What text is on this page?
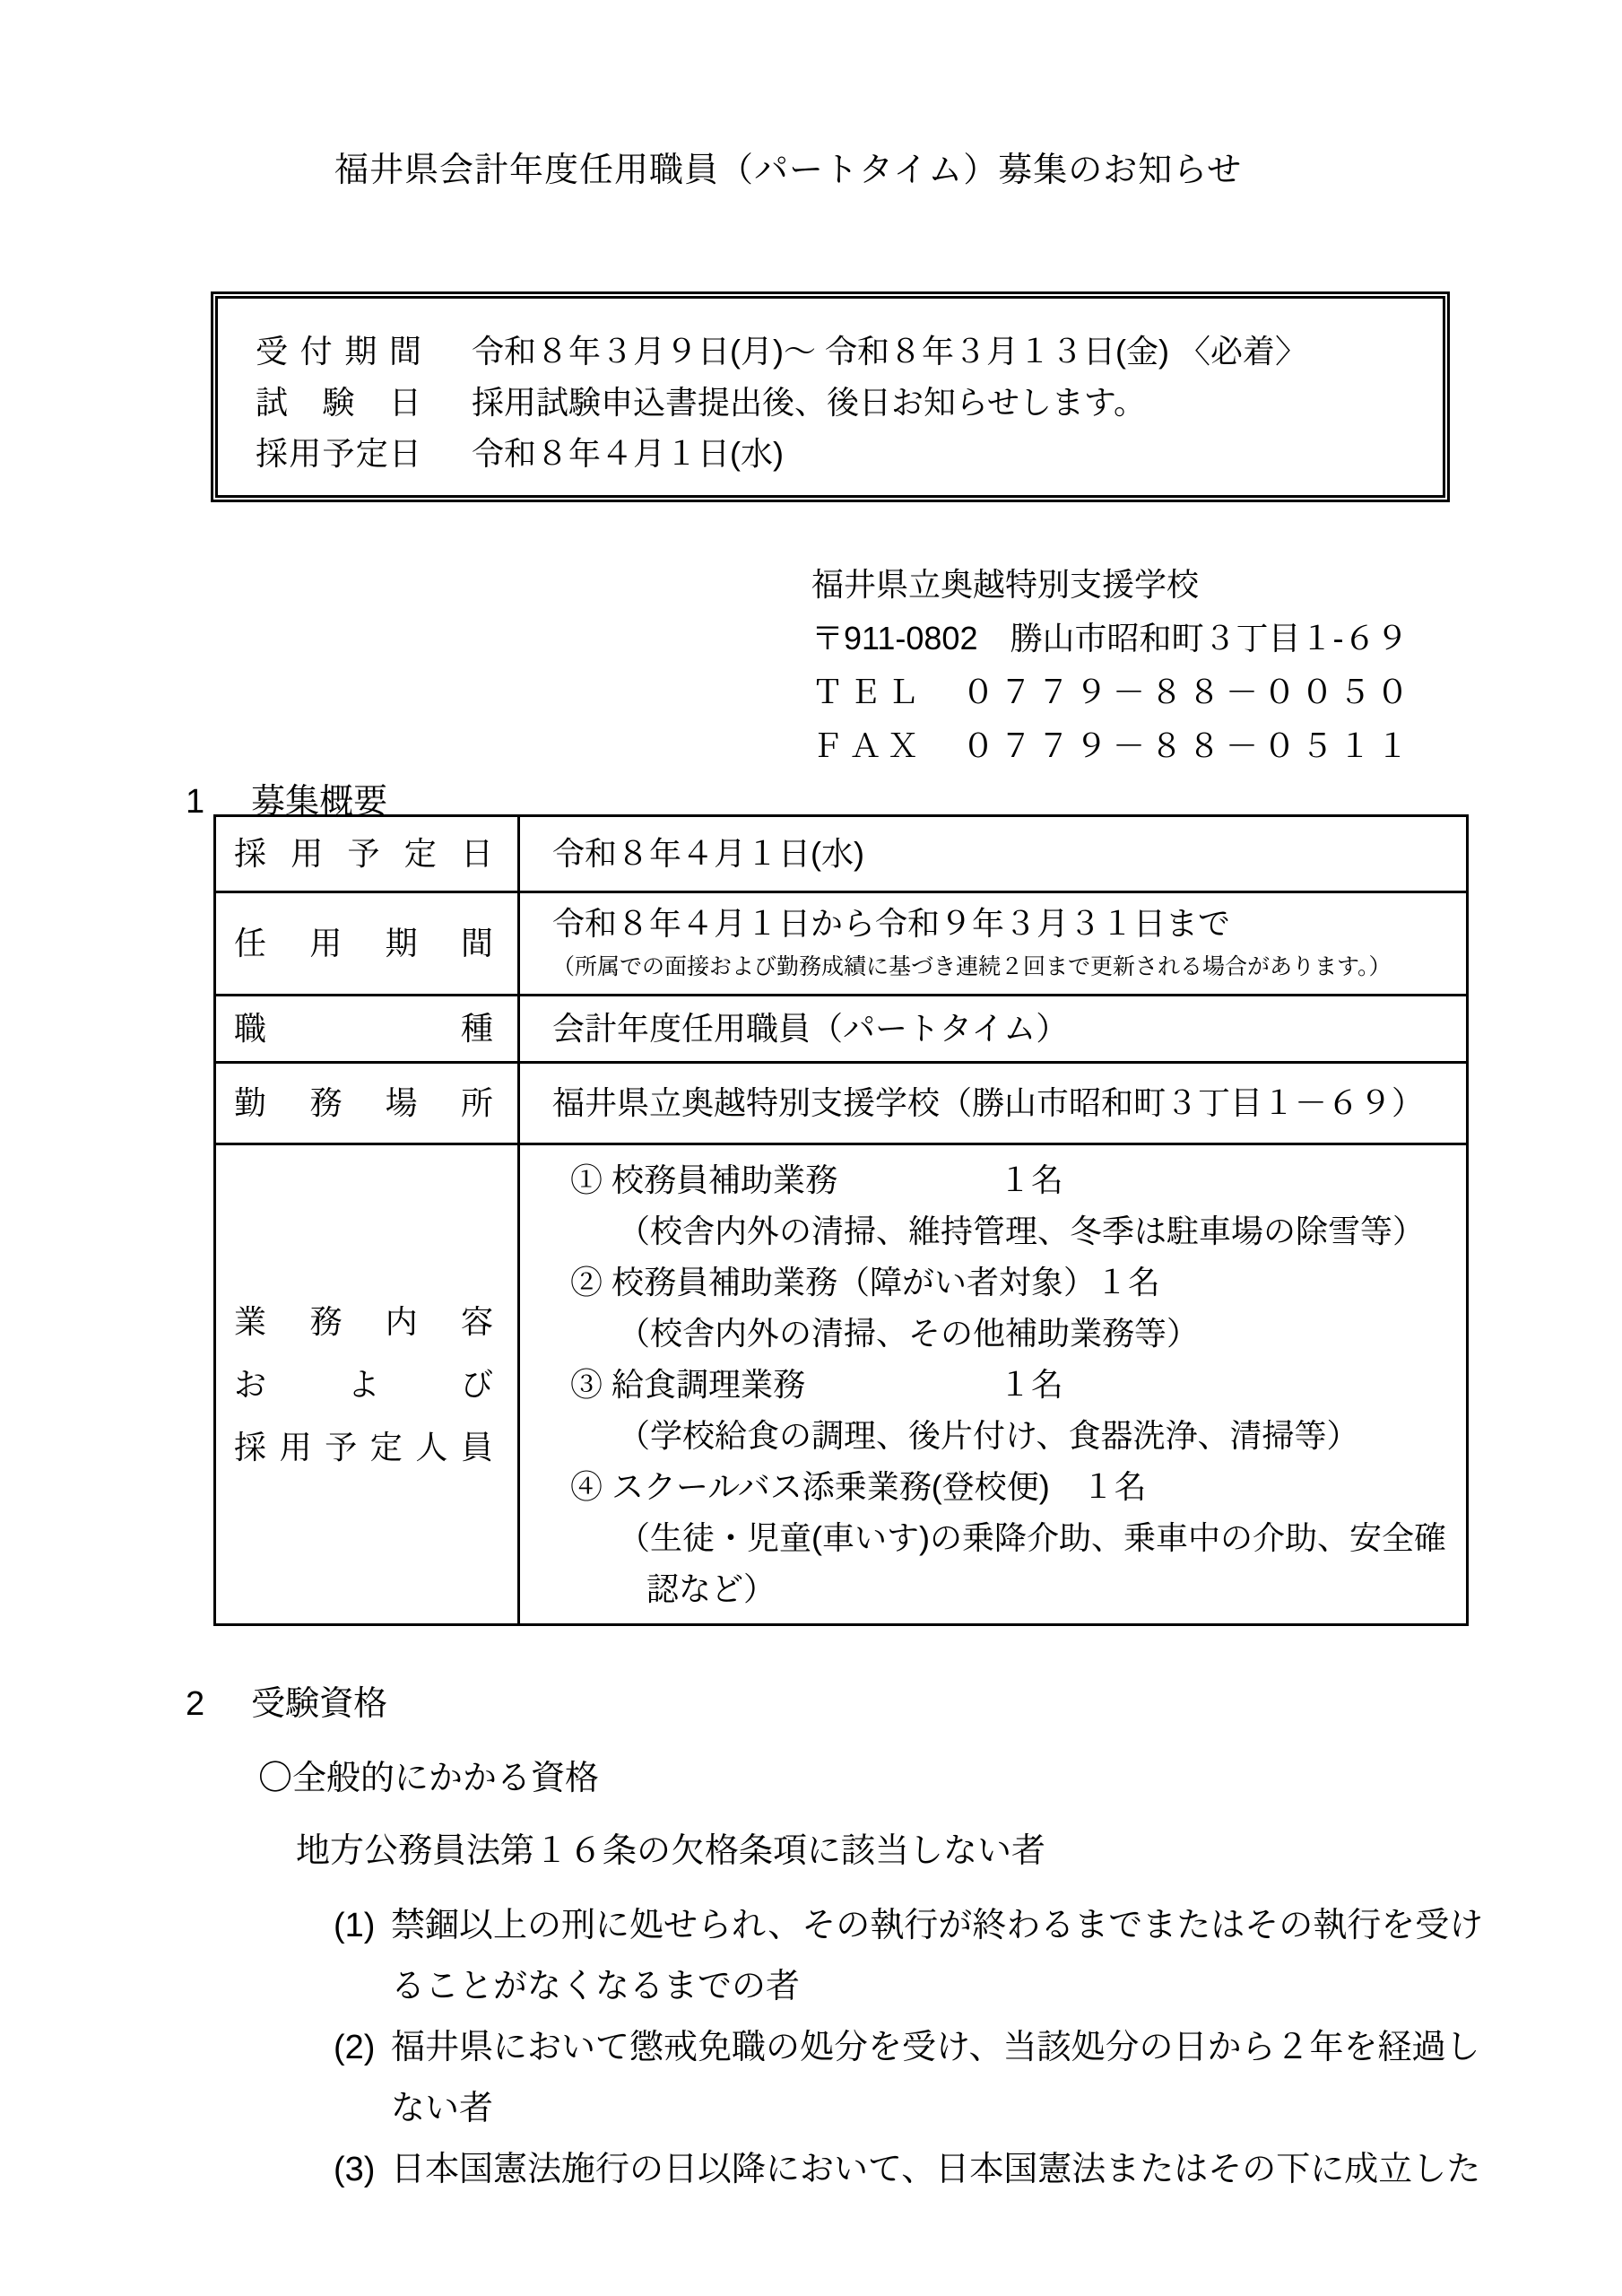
福井県会計年度任用職員（パートタイム）募集のお知らせ
受付期間 令和８年３月９日(月)～ 令和８年３月１３日(金) 〈必着〉
試験日 採用試験申込書提出後、後日お知らせします。
採用予定日 令和８年４月１日(水)
福井県立奥越特別支援学校
〒911-0802　勝山市昭和町３丁目１-６９
ＴＥＬ　０７７９－８８－００５０
ＦＡＸ　０７７９－８８－０５１１
1 募集概要
採用予定日	令和８年４月１日(水)

任用期間	令和８年４月１日から令和９年３月３１日まで
（所属での面接および勤務成績に基づき連続２回まで更新される場合があります。）

職種	会計年度任用職員（パートタイム）

勤務場所	福井県立奥越特別支援学校（勝山市昭和町３丁目１－６９）

業務内容
および
採用予定人員

① 校務員補助業務　　　　　１名
（校舎内外の清掃、維持管理、冬季は駐車場の除雪等）
② 校務員補助業務（障がい者対象）１名
（校舎内外の清掃、その他補助業務等）
③ 給食調理業務　　　　　　１名
（学校給食の調理、後片付け、食器洗浄、清掃等）
④ スクールバス添乗業務(登校便)　１名
（生徒・児童(車いす)の乗降介助、乗車中の介助、安全確
認など）
2 受験資格
〇全般的にかかる資格
地方公務員法第１６条の欠格条項に該当しない者
(1) 禁錮以上の刑に処せられ、その執行が終わるまでまたはその執行を受け
ることがなくなるまでの者
(2) 福井県において懲戒免職の処分を受け、当該処分の日から２年を経過し
ない者
(3) 日本国憲法施行の日以降において、日本国憲法またはその下に成立した
